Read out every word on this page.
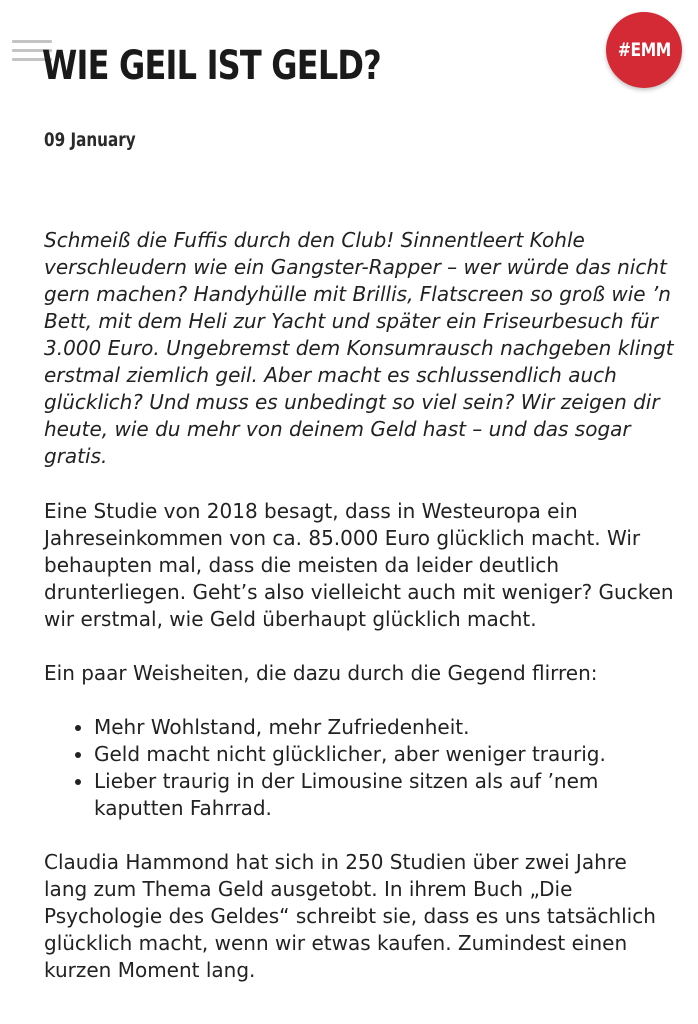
WIE GEIL IST GELD?	#EMM
09 January

Schmeiß die Fuffis durch den Club! Sinnentleert Kohle verschleudern wie ein Gangster-Rapper – wer würde das nicht gern machen? Handyhülle mit Brillis, Flatscreen so groß wie ’n Bett, mit dem Heli zur Yacht und später ein Friseurbesuch für 3.000 Euro. Ungebremst dem Konsumrausch nachgeben klingt erstmal ziemlich geil. Aber macht es schlussendlich auch glücklich? Und muss es unbedingt so viel sein? Wir zeigen dir heute, wie du mehr von deinem Geld hast – und das sogar gratis.

Eine Studie von 2018 besagt, dass in Westeuropa ein Jahreseinkommen von ca. 85.000 Euro glücklich macht. Wir behaupten mal, dass die meisten da leider deutlich drunterliegen. Geht’s also vielleicht auch mit weniger? Gucken wir erstmal, wie Geld überhaupt glücklich macht.

Ein paar Weisheiten, die dazu durch die Gegend flirren:

• Mehr Wohlstand, mehr Zufriedenheit.
• Geld macht nicht glücklicher, aber weniger traurig.
• Lieber traurig in der Limousine sitzen als auf ’nem kaputten Fahrrad.

Claudia Hammond hat sich in 250 Studien über zwei Jahre lang zum Thema Geld ausgetobt. In ihrem Buch „Die Psychologie des Geldes“ schreibt sie, dass es uns tatsächlich glücklich macht, wenn wir etwas kaufen. Zumindest einen kurzen Moment lang.
